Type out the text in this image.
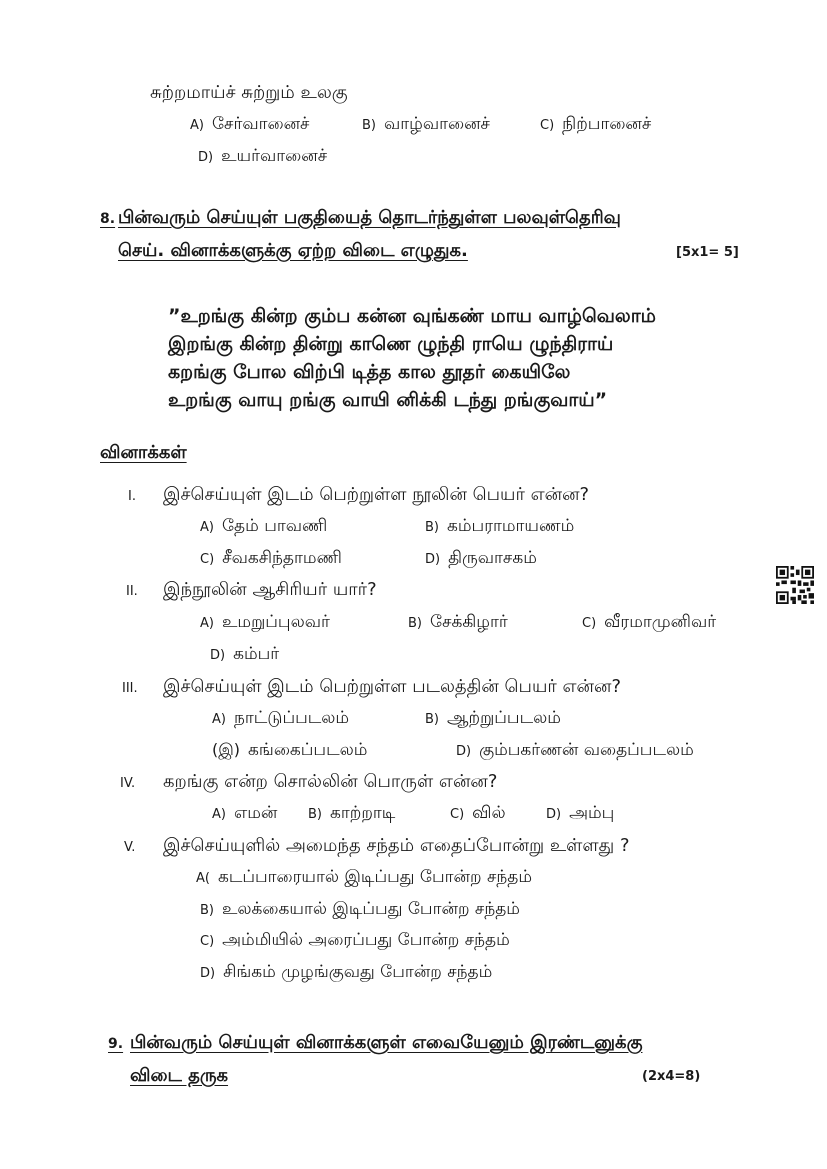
சுற்றமாய்ச் சுற்றும் உலகு
A) சேர்வானைச்	B) வாழ்வானைச்	C) நிற்பானைச்
D) உயர்வானைச்
8. பின்வரும் செய்யுள் பகுதியைத் தொடர்ந்துள்ள பலவுள்தெரிவு
செய். வினாக்களுக்கு ஏற்ற விடை எழுதுக.	[5x1= 5]
”உறங்கு கின்ற கும்ப கன்ன வுங்கண் மாய வாழ்வெலாம்
இறங்கு கின்ற தின்று காணெ ழுந்தி ராயெ ழுந்திராய்
கறங்கு போல விற்பி டித்த கால தூதர் கையிலே
உறங்கு வாயு றங்கு வாயி னிக்கி டந்து றங்குவாய்”
வினாக்கள்
I. இச்செய்யுள் இடம் பெற்றுள்ள நூலின் பெயர் என்ன?
A) தேம் பாவணி	B) கம்பராமாயணம்
C) சீவகசிந்தாமணி	D) திருவாசகம்
II. இந்நூலின் ஆசிரியர் யார்?
A) உமறுப்புலவர்	B) சேக்கிழார்	C) வீரமாமுனிவர்
D) கம்பர்
III. இச்செய்யுள் இடம் பெற்றுள்ள படலத்தின் பெயர் என்ன?
A) நாட்டுப்படலம்	B) ஆற்றுப்படலம்
(இ) கங்கைப்படலம்	D) கும்பகர்ணன் வதைப்படலம்
IV. கறங்கு என்ற சொல்லின் பொருள் என்ன?
A) எமன் B) காற்றாடி	C) வில்	D) அம்பு
V. இச்செய்யுளில் அமைந்த சந்தம் எதைப்போன்று உள்ளது ?
A( கடப்பாரையால் இடிப்பது போன்ற சந்தம்
B) உலக்கையால் இடிப்பது போன்ற சந்தம்
C) அம்மியில் அரைப்பது போன்ற சந்தம்
D) சிங்கம் முழங்குவது போன்ற சந்தம்
9. பின்வரும் செய்யுள் வினாக்களுள் எவையேனும் இரண்டனுக்கு
விடை தருக	(2x4=8)
